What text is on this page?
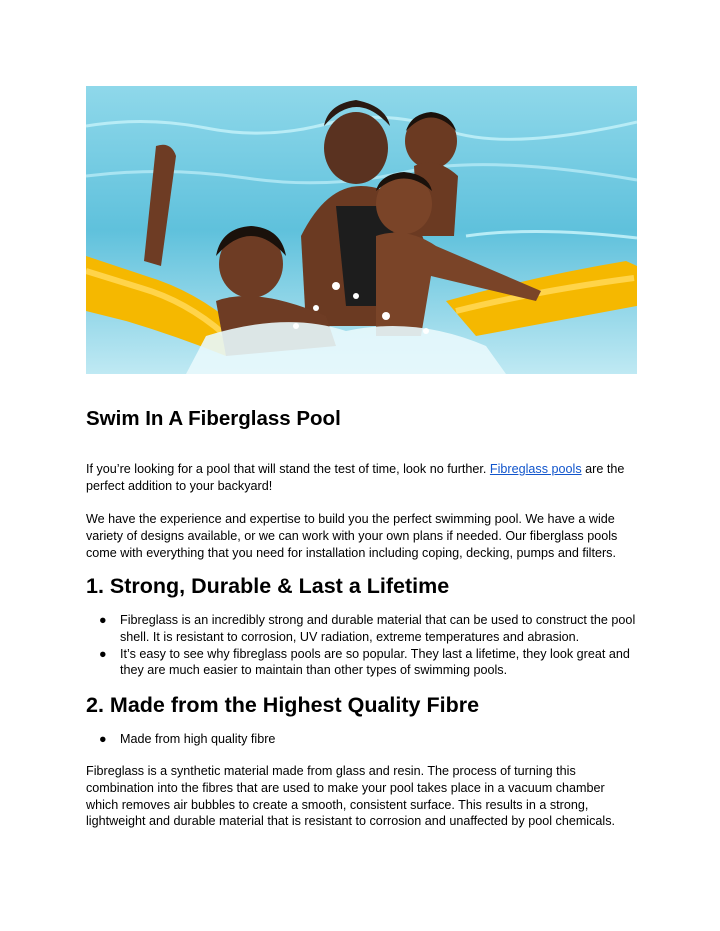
Swim In A Fiberglass Pool

If you’re looking for a pool that will stand the test of time, look no further. Fibreglass pools are the perfect addition to your backyard!

We have the experience and expertise to build you the perfect swimming pool. We have a wide variety of designs available, or we can work with your own plans if needed. Our fiberglass pools come with everything that you need for installation including coping, decking, pumps and filters.

1. Strong, Durable & Last a Lifetime
● Fibreglass is an incredibly strong and durable material that can be used to construct the pool shell. It is resistant to corrosion, UV radiation, extreme temperatures and abrasion.
● It’s easy to see why fibreglass pools are so popular. They last a lifetime, they look great and they are much easier to maintain than other types of swimming pools.
2. Made from the Highest Quality Fibre
● Made from high quality fibre

Fibreglass is a synthetic material made from glass and resin. The process of turning this combination into the fibres that are used to make your pool takes place in a vacuum chamber which removes air bubbles to create a smooth, consistent surface. This results in a strong, lightweight and durable material that is resistant to corrosion and unaffected by pool chemicals.
